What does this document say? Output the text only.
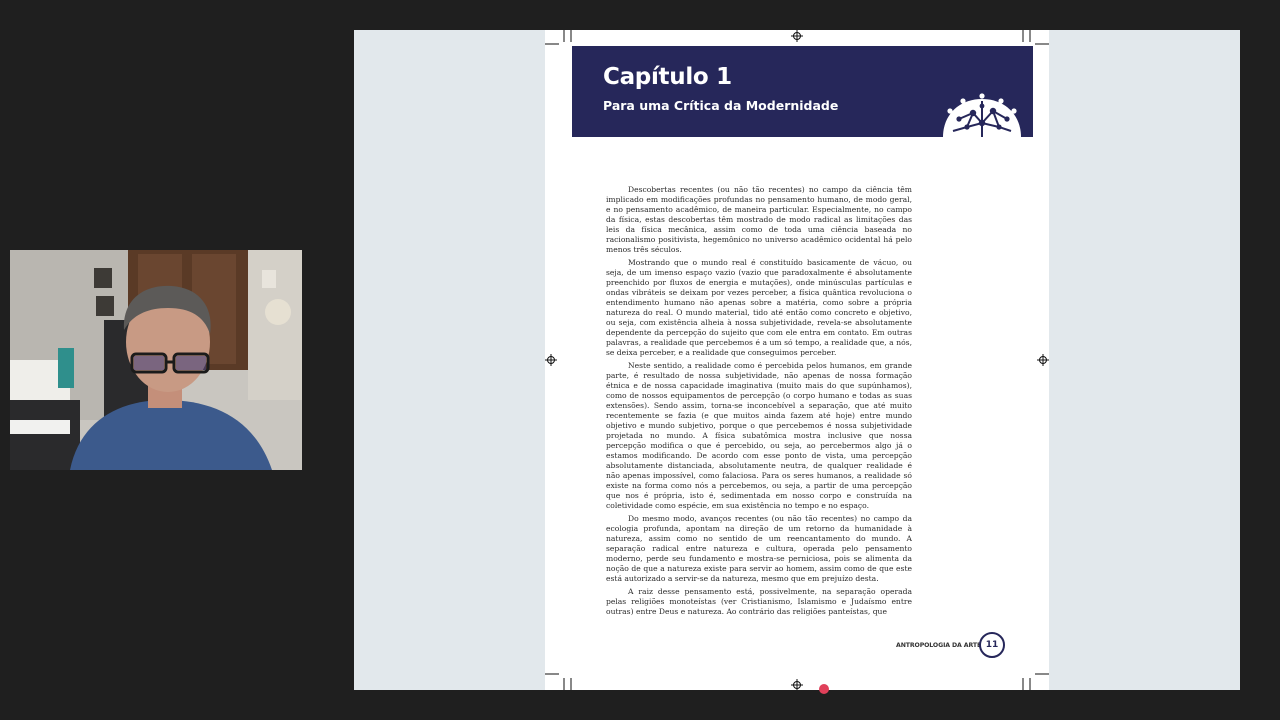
Capítulo 1
Para uma Crítica da Modernidade

Descobertas recentes (ou não tão recentes) no campo da ciência têm implicado em modificações profundas no pensamento humano, de modo geral, e no pensamento acadêmico, de maneira particular. Especialmente, no campo da física, estas descobertas têm mostrado de modo radical as limitações das leis da física mecânica, assim como de toda uma ciência baseada no racionalismo positivista, hegemônico no universo acadêmico ocidental há pelo menos três séculos.

Mostrando que o mundo real é constituído basicamente de vácuo, ou seja, de um imenso espaço vazio (vazio que paradoxalmente é absolutamente preenchido por fluxos de energia e mutações), onde minúsculas partículas e ondas vibráteis se deixam por vezes perceber, a física quântica revoluciona o entendimento humano não apenas sobre a matéria, como sobre a própria natureza do real. O mundo material, tido até então como concreto e objetivo, ou seja, com existência alheia à nossa subjetividade, revela-se absolutamente dependente da percepção do sujeito que com ele entra em contato. Em outras palavras, a realidade que percebemos é a um só tempo, a realidade que, a nós, se deixa perceber, e a realidade que conseguimos perceber.

Neste sentido, a realidade como é percebida pelos humanos, em grande parte, é resultado de nossa subjetividade, não apenas de nossa formação étnica e de nossa capacidade imaginativa (muito mais do que supúnhamos), como de nossos equipamentos de percepção (o corpo humano e todas as suas extensões). Sendo assim, torna-se inconcebível a separação, que até muito recentemente se fazia (e que muitos ainda fazem até hoje) entre mundo objetivo e mundo subjetivo, porque o que percebemos é nossa subjetividade projetada no mundo. A física subatômica mostra inclusive que nossa percepção modifica o que é percebido, ou seja, ao percebermos algo já o estamos modificando. De acordo com esse ponto de vista, uma percepção absolutamente distanciada, absolutamente neutra, de qualquer realidade é não apenas impossível, como falaciosa. Para os seres humanos, a realidade só existe na forma como nós a percebemos, ou seja, a partir de uma percepção que nos é própria, isto é, sedimentada em nosso corpo e construída na coletividade como espécie, em sua existência no tempo e no espaço.

Do mesmo modo, avanços recentes (ou não tão recentes) no campo da ecologia profunda, apontam na direção de um retorno da humanidade à natureza, assim como no sentido de um reencantamento do mundo. A separação radical entre natureza e cultura, operada pelo pensamento moderno, perde seu fundamento e mostra-se perniciosa, pois se alimenta da noção de que a natureza existe para servir ao homem, assim como de que este está autorizado a servir-se da natureza, mesmo que em prejuízo desta.

A raiz desse pensamento está, possivelmente, na separação operada pelas religiões monoteístas (ver Cristianismo, Islamismo e Judaísmo entre outras) entre Deus e natureza. Ao contrário das religiões panteístas, que

ANTROPOLOGIA DA ARTE 11
